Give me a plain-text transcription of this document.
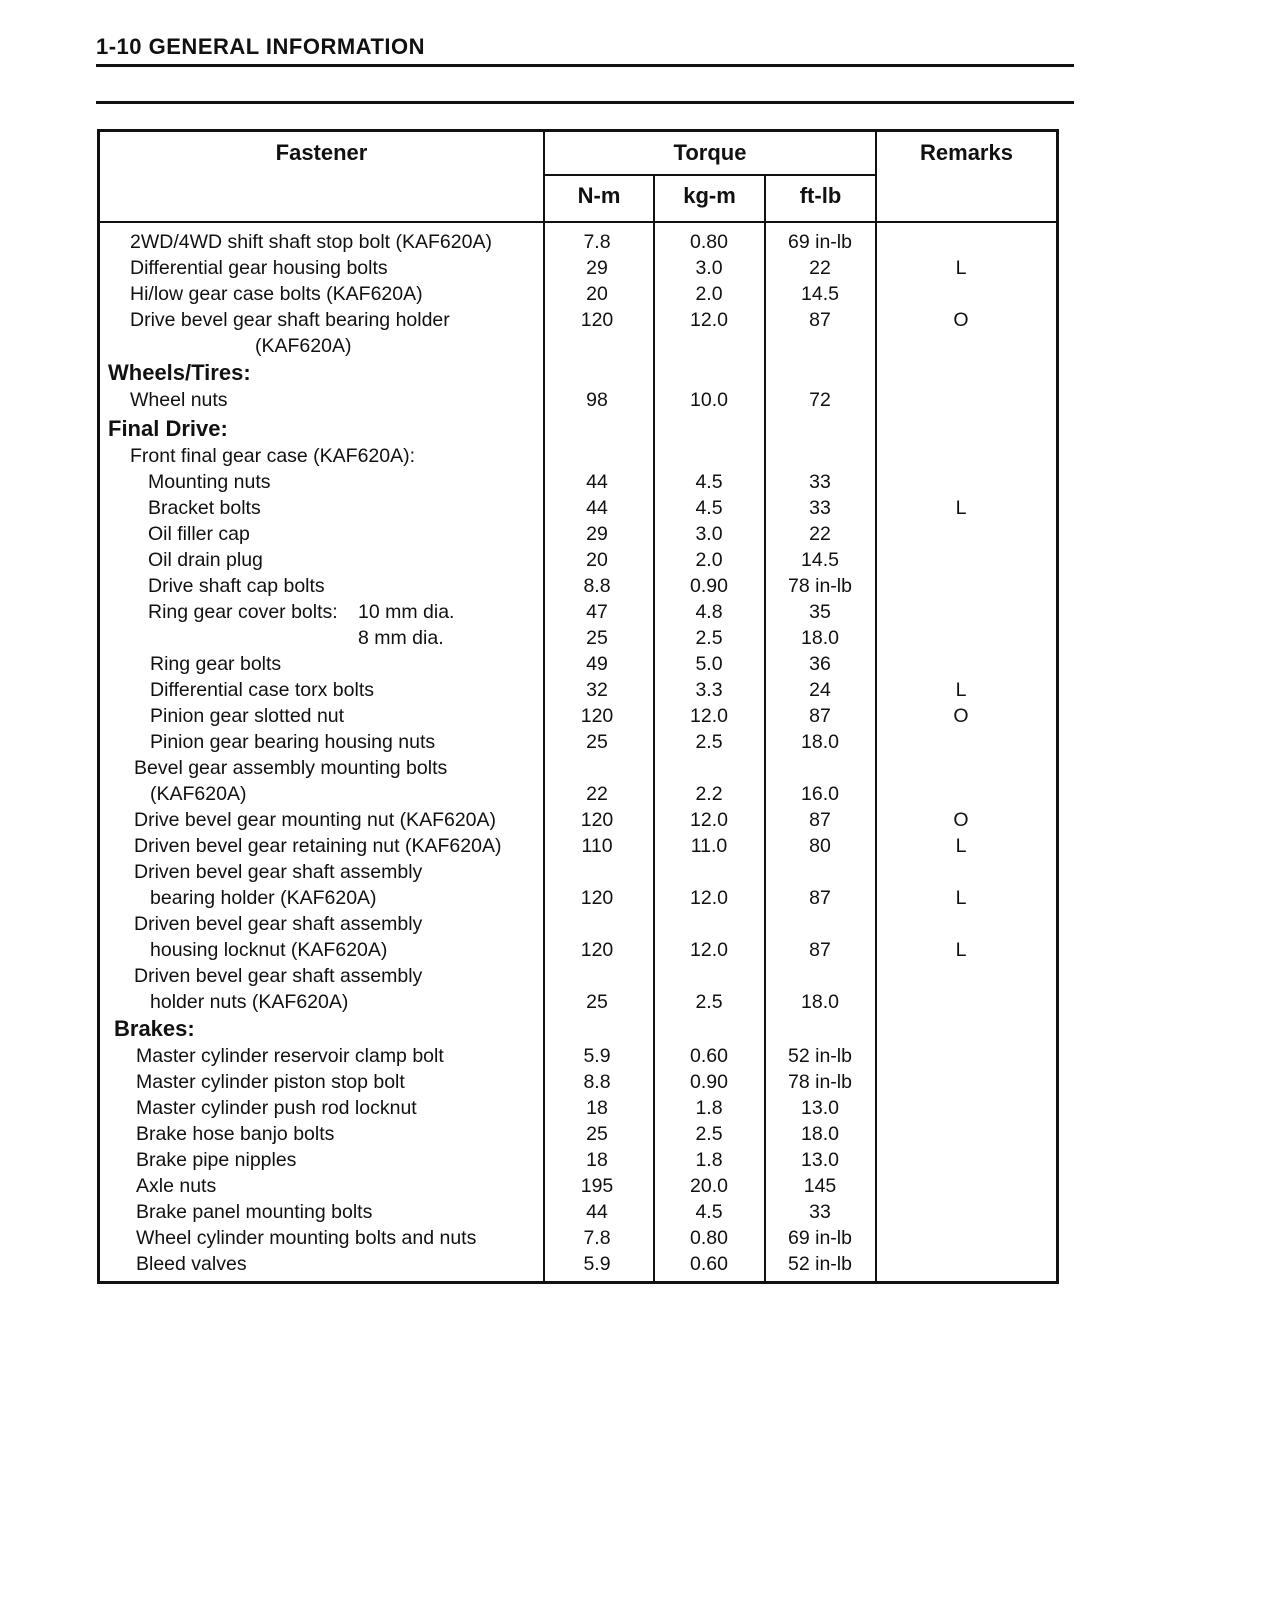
1-10 GENERAL INFORMATION
Fastener	Torque	Remarks
N-m	kg-m	ft-lb
2WD/4WD shift shaft stop bolt (KAF620A)	7.8	0.80	69 in-lb
Differential gear housing bolts	29	3.0	22	L
Hi/low gear case bolts (KAF620A)	20	2.0	14.5
Drive bevel gear shaft bearing holder	120	12.0	87	O
(KAF620A)
Wheels/Tires:
Wheel nuts	98	10.0	72
Final Drive:
Front final gear case (KAF620A):
Mounting nuts	44	4.5	33
Bracket bolts	44	4.5	33	L
Oil filler cap	29	3.0	22
Oil drain plug	20	2.0	14.5
Drive shaft cap bolts	8.8	0.90	78 in-lb
Ring gear cover bolts: 10 mm dia.	47	4.8	35
8 mm dia.	25	2.5	18.0
Ring gear bolts	49	5.0	36
Differential case torx bolts	32	3.3	24	L
Pinion gear slotted nut	120	12.0	87	O
Pinion gear bearing housing nuts	25	2.5	18.0
Bevel gear assembly mounting bolts
(KAF620A)	22	2.2	16.0
Drive bevel gear mounting nut (KAF620A)	120	12.0	87	O
Driven bevel gear retaining nut (KAF620A)	110	11.0	80	L
Driven bevel gear shaft assembly
bearing holder (KAF620A)	120	12.0	87	L
Driven bevel gear shaft assembly
housing locknut (KAF620A)	120	12.0	87	L
Driven bevel gear shaft assembly
holder nuts (KAF620A)	25	2.5	18.0
Brakes:
Master cylinder reservoir clamp bolt	5.9	0.60	52 in-lb
Master cylinder piston stop bolt	8.8	0.90	78 in-lb
Master cylinder push rod locknut	18	1.8	13.0
Brake hose banjo bolts	25	2.5	18.0
Brake pipe nipples	18	1.8	13.0
Axle nuts	195	20.0	145
Brake panel mounting bolts	44	4.5	33
Wheel cylinder mounting bolts and nuts	7.8	0.80	69 in-lb
Bleed valves	5.9	0.60	52 in-lb
